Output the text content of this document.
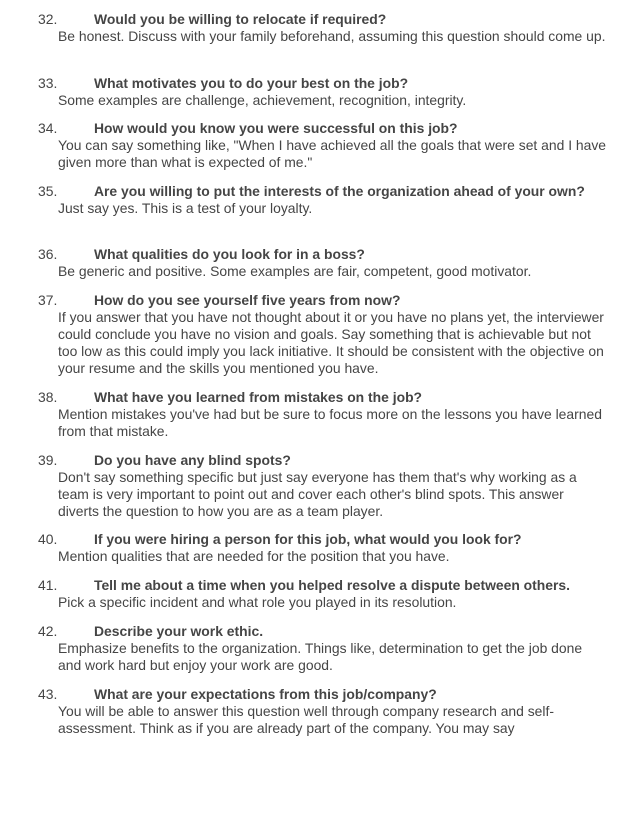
32.	Would you be willing to relocate if required?
Be honest. Discuss with your family beforehand, assuming this question should come up.
33.	What motivates you to do your best on the job?
Some examples are challenge, achievement, recognition, integrity.
34.	How would you know you were successful on this job?
You can say something like, "When I have achieved all the goals that were set and I have given more than what is expected of me."
35.	Are you willing to put the interests of the organization ahead of your own?
Just say yes. This is a test of your loyalty.
36.	What qualities do you look for in a boss?
Be generic and positive. Some examples are fair, competent, good motivator.
37.	How do you see yourself five years from now?
If you answer that you have not thought about it or you have no plans yet, the interviewer could conclude you have no vision and goals. Say something that is achievable but not too low as this could imply you lack initiative. It should be consistent with the objective on your resume and the skills you mentioned you have.
38.	What have you learned from mistakes on the job?
Mention mistakes you've had but be sure to focus more on the lessons you have learned from that mistake.
39.	Do you have any blind spots?
Don't say something specific but just say everyone has them that's why working as a team is very important to point out and cover each other's blind spots. This answer diverts the question to how you are as a team player.
40.	If you were hiring a person for this job, what would you look for?
Mention qualities that are needed for the position that you have.
41.	Tell me about a time when you helped resolve a dispute between others.
Pick a specific incident and what role you played in its resolution.
42.	Describe your work ethic.
Emphasize benefits to the organization. Things like, determination to get the job done and work hard but enjoy your work are good.
43.	What are your expectations from this job/company?
You will be able to answer this question well through company research and self-assessment. Think as if you are already part of the company. You may say
